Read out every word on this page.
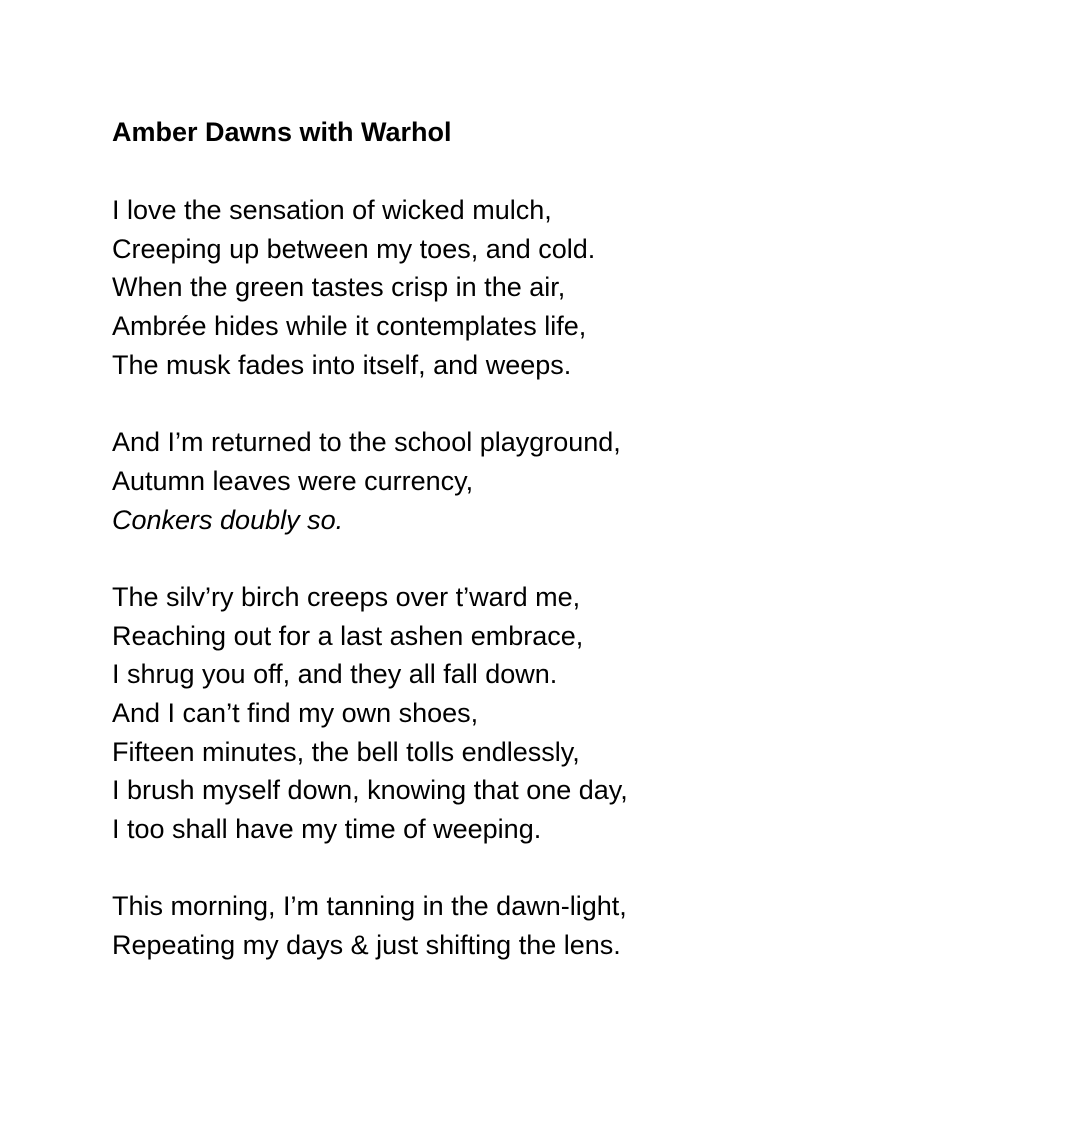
Amber Dawns with Warhol
I love the sensation of wicked mulch,
Creeping up between my toes, and cold.
When the green tastes crisp in the air,
Ambrée hides while it contemplates life,
The musk fades into itself, and weeps.
And I’m returned to the school playground,
Autumn leaves were currency,
Conkers doubly so.
The silv’ry birch creeps over t’ward me,
Reaching out for a last ashen embrace,
I shrug you off, and they all fall down.
And I can’t find my own shoes,
Fifteen minutes, the bell tolls endlessly,
I brush myself down, knowing that one day,
I too shall have my time of weeping.
This morning, I’m tanning in the dawn-light,
Repeating my days & just shifting the lens.
